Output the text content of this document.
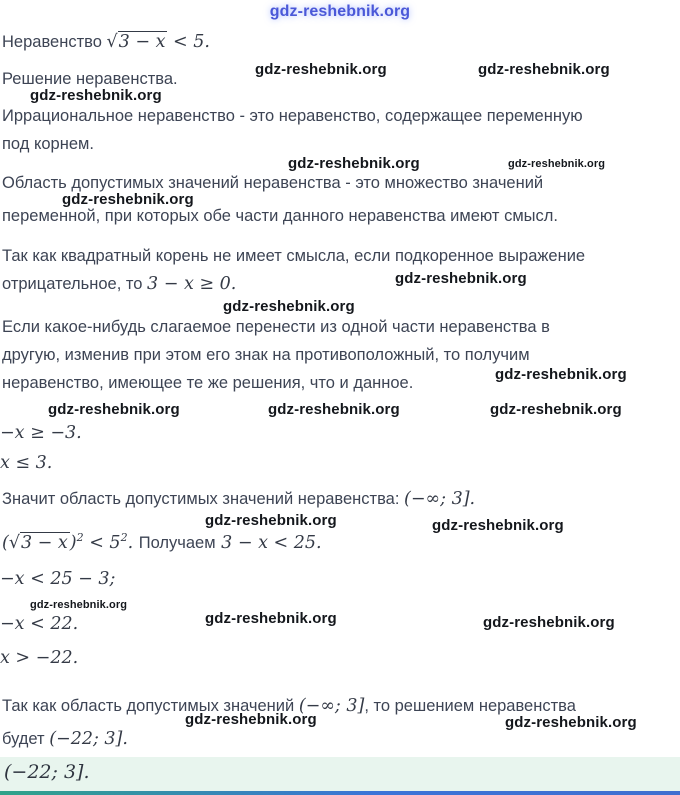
gdz-reshebnik.org
Неравенство √3 − x < 5.
Решение неравенства.
gdz-reshebnik.org	gdz-reshebnik.org
gdz-reshebnik.org
Иррациональное неравенство - это неравенство, содержащее переменную
под корнем.
gdz-reshebnik.org	gdz-reshebnik.org
Область допустимых значений неравенства - это множество значений
переменной, при которых обе части данного неравенства имеют смысл.
gdz-reshebnik.org
Так как квадратный корень не имеет смысла, если подкоренное выражение
отрицательное, то 3 − x ≥ 0.	gdz-reshebnik.org
gdz-reshebnik.org
Если какое-нибудь слагаемое перенести из одной части неравенства в
другую, изменив при этом его знак на противоположный, то получим
неравенство, имеющее те же решения, что и данное.	gdz-reshebnik.org
gdz-reshebnik.org	gdz-reshebnik.org	gdz-reshebnik.org
−x ≥ −3.
x ≤ 3.
Значит область допустимых значений неравенства: (−∞; 3].
gdz-reshebnik.org	gdz-reshebnik.org
(√3 − x )$^2 < 5^2$. Получаем 3 − x < 25.
−x < 25 − 3;
gdz-reshebnik.org
−x < 22.	gdz-reshebnik.org	gdz-reshebnik.org
x > −22.
Так как область допустимых значений (−∞; 3], то решением неравенства
будет (−22; 3].
gdz-reshebnik.org	gdz-reshebnik.org
(−22; 3].
